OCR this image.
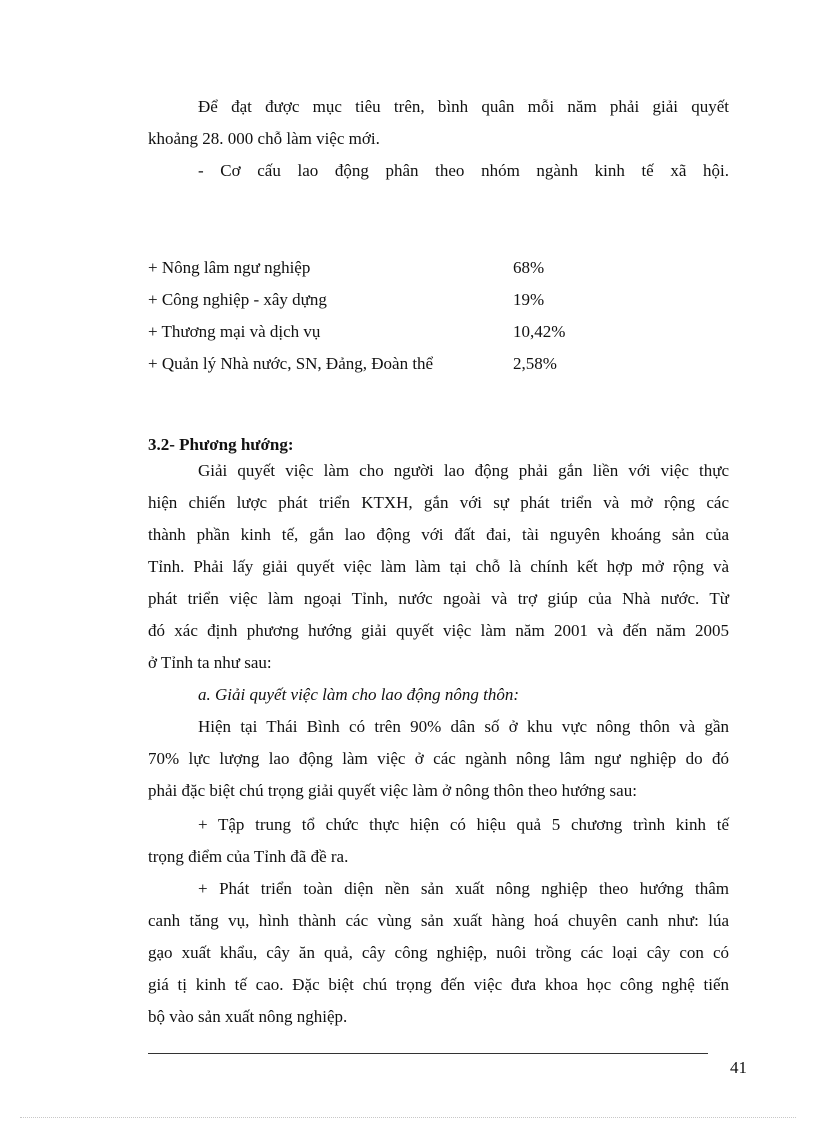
Để đạt được mục tiêu trên, bình quân mỗi năm phải giải quyết
khoảng 28. 000 chỗ làm việc mới.
- Cơ cấu lao động phân theo nhóm ngành kinh tế xã hội.
+ Nông lâm ngư nghiệp	68%
+ Công nghiệp - xây dựng	19%
+ Thương mại và dịch vụ	10,42%
+ Quản lý Nhà nước, SN, Đảng, Đoàn thể	2,58%
3.2- Phương hướng:
Giải quyết việc làm cho người lao động phải gắn liền với việc thực
hiện chiến lược phát triển KTXH, gắn với sự phát triển và mở rộng các
thành phần kinh tế, gắn lao động với đất đai, tài nguyên khoáng sản của
Tỉnh. Phải lấy giải quyết việc làm làm tại chỗ là chính kết hợp mở rộng và
phát triển việc làm ngoại Tỉnh, nước ngoài và trợ giúp của Nhà nước. Từ
đó xác định phương hướng giải quyết việc làm năm 2001 và đến năm 2005
ở Tỉnh ta như sau:
a. Giải quyết việc làm cho lao động nông thôn:
Hiện tại Thái Bình có trên 90% dân số ở khu vực nông thôn và gần
70% lực lượng lao động làm việc ở các ngành nông lâm ngư nghiệp do đó
phải đặc biệt chú trọng giải quyết việc làm ở nông thôn theo hướng sau:
+ Tập trung tổ chức thực hiện có hiệu quả 5 chương trình kinh tế
trọng điểm của Tỉnh đã đề ra.
+ Phát triển toàn diện nền sản xuất nông nghiệp theo hướng thâm
canh tăng vụ, hình thành các vùng sản xuất hàng hoá chuyên canh như: lúa
gạo xuất khẩu, cây ăn quả, cây công nghiệp, nuôi trồng các loại cây con có
giá tị kinh tế cao. Đặc biệt chú trọng đến việc đưa khoa học công nghệ tiến
bộ vào sản xuất nông nghiệp.
41
